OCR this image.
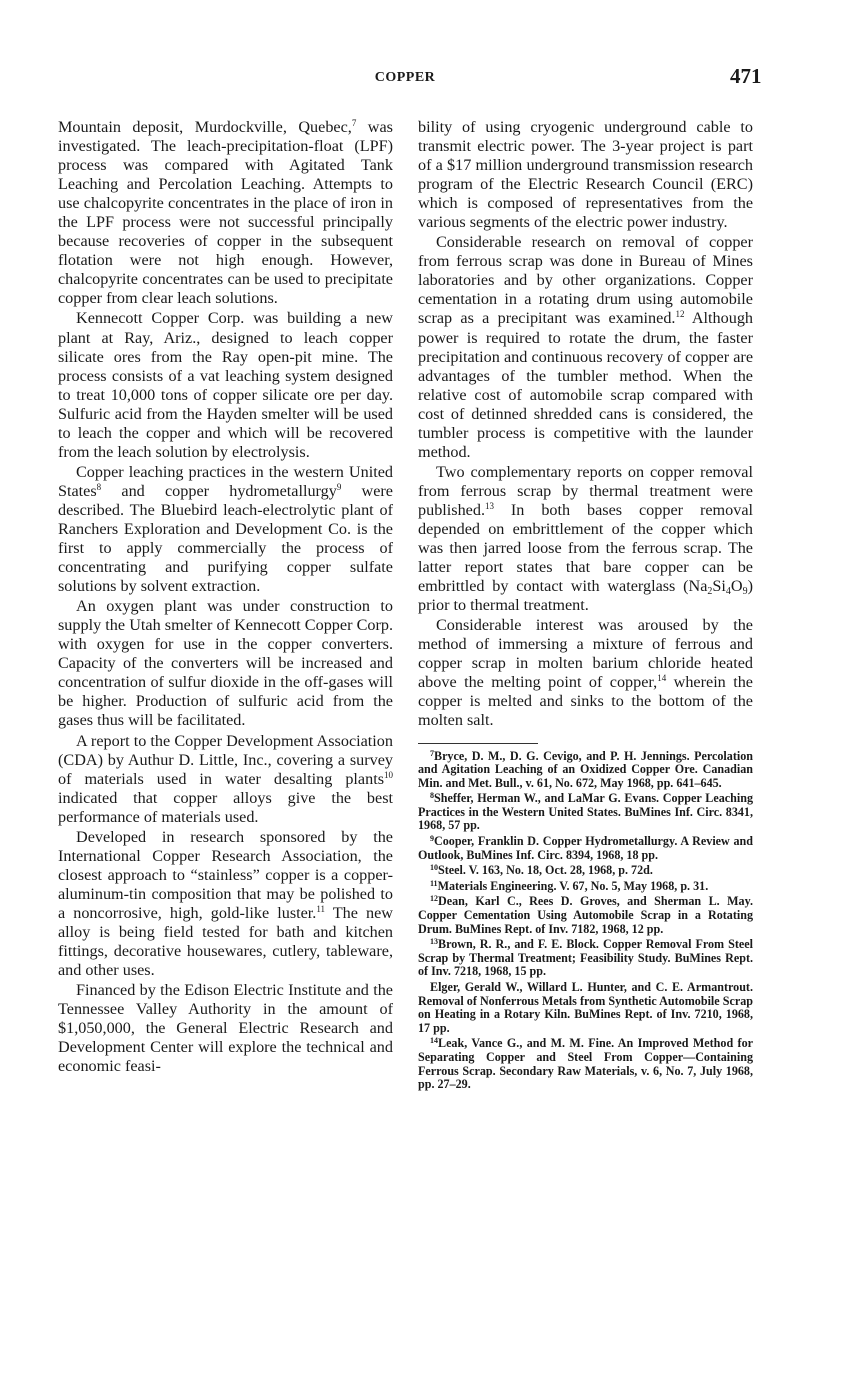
COPPER	471

Mountain deposit, Murdockville, Quebec,$^7$ was investigated. The leach-precipitation-float (LPF) process was compared with Agitated Tank Leaching and Percolation Leaching. Attempts to use chalcopyrite concentrates in the place of iron in the LPF process were not successful principally because recoveries of copper in the subsequent flotation were not high enough. However, chalcopyrite concentrates can be used to precipitate copper from clear leach solutions.

Kennecott Copper Corp. was building a new plant at Ray, Ariz., designed to leach copper silicate ores from the Ray open-pit mine. The process consists of a vat leaching system designed to treat 10,000 tons of copper silicate ore per day. Sulfuric acid from the Hayden smelter will be used to leach the copper and which will be recovered from the leach solution by electrolysis.

Copper leaching practices in the western United States$^8$ and copper hydrometallurgy$^9$ were described. The Bluebird leach-electrolytic plant of Ranchers Exploration and Development Co. is the first to apply commercially the process of concentrating and purifying copper sulfate solutions by solvent extraction.

An oxygen plant was under construction to supply the Utah smelter of Kennecott Copper Corp. with oxygen for use in the copper converters. Capacity of the converters will be increased and concentration of sulfur dioxide in the off-gases will be higher. Production of sulfuric acid from the gases thus will be facilitated.

A report to the Copper Development Association (CDA) by Authur D. Little, Inc., covering a survey of materials used in water desalting plants$^{10}$ indicated that copper alloys give the best performance of materials used.

Developed in research sponsored by the International Copper Research Association, the closest approach to “stainless” copper is a copper-aluminum-tin composition that may be polished to a noncorrosive, high, gold-like luster.$^{11}$ The new alloy is being field tested for bath and kitchen fittings, decorative housewares, cutlery, tableware, and other uses.

Financed by the Edison Electric Institute and the Tennessee Valley Authority in the amount of $1,050,000, the General Electric Research and Development Center will explore the technical and economic feasi-

bility of using cryogenic underground cable to transmit electric power. The 3-year project is part of a $17 million underground transmission research program of the Electric Research Council (ERC) which is composed of representatives from the various segments of the electric power industry.

Considerable research on removal of copper from ferrous scrap was done in Bureau of Mines laboratories and by other organizations. Copper cementation in a rotating drum using automobile scrap as a precipitant was examined.$^{12}$ Although power is required to rotate the drum, the faster precipitation and continuous recovery of copper are advantages of the tumbler method. When the relative cost of automobile scrap compared with cost of detinned shredded cans is considered, the tumbler process is competitive with the launder method.

Two complementary reports on copper removal from ferrous scrap by thermal treatment were published.$^{13}$ In both bases copper removal depended on embrittlement of the copper which was then jarred loose from the ferrous scrap. The latter report states that bare copper can be embrittled by contact with waterglass $(Na_2Si_4O_9)$ prior to thermal treatment.

Considerable interest was aroused by the method of immersing a mixture of ferrous and copper scrap in molten barium chloride heated above the melting point of copper,$^{14}$ wherein the copper is melted and sinks to the bottom of the molten salt.

$^7$Bryce, D. M., D. G. Cevigo, and P. H. Jennings. Percolation and Agitation Leaching of an Oxidized Copper Ore. Canadian Min. and Met. Bull., v. 61, No. 672, May 1968, pp. 641–645.

$^8$Sheffer, Herman W., and LaMar G. Evans. Copper Leaching Practices in the Western United States. BuMines Inf. Circ. 8341, 1968, 57 pp.

$^9$Cooper, Franklin D. Copper Hydrometallurgy. A Review and Outlook, BuMines Inf. Circ. 8394, 1968, 18 pp.

$^{10}$Steel. V. 163, No. 18, Oct. 28, 1968, p. 72d.

$^{11}$Materials Engineering. V. 67, No. 5, May 1968, p. 31.

$^{12}$Dean, Karl C., Rees D. Groves, and Sherman L. May. Copper Cementation Using Automobile Scrap in a Rotating Drum. BuMines Rept. of Inv. 7182, 1968, 12 pp.

$^{13}$Brown, R. R., and F. E. Block. Copper Removal From Steel Scrap by Thermal Treatment; Feasibility Study. BuMines Rept. of Inv. 7218, 1968, 15 pp.

Elger, Gerald W., Willard L. Hunter, and C. E. Armantrout. Removal of Nonferrous Metals from Synthetic Automobile Scrap on Heating in a Rotary Kiln. BuMines Rept. of Inv. 7210, 1968, 17 pp.

$^{14}$Leak, Vance G., and M. M. Fine. An Improved Method for Separating Copper and Steel From Copper—Containing Ferrous Scrap. Secondary Raw Materials, v. 6, No. 7, July 1968, pp. 27–29.
